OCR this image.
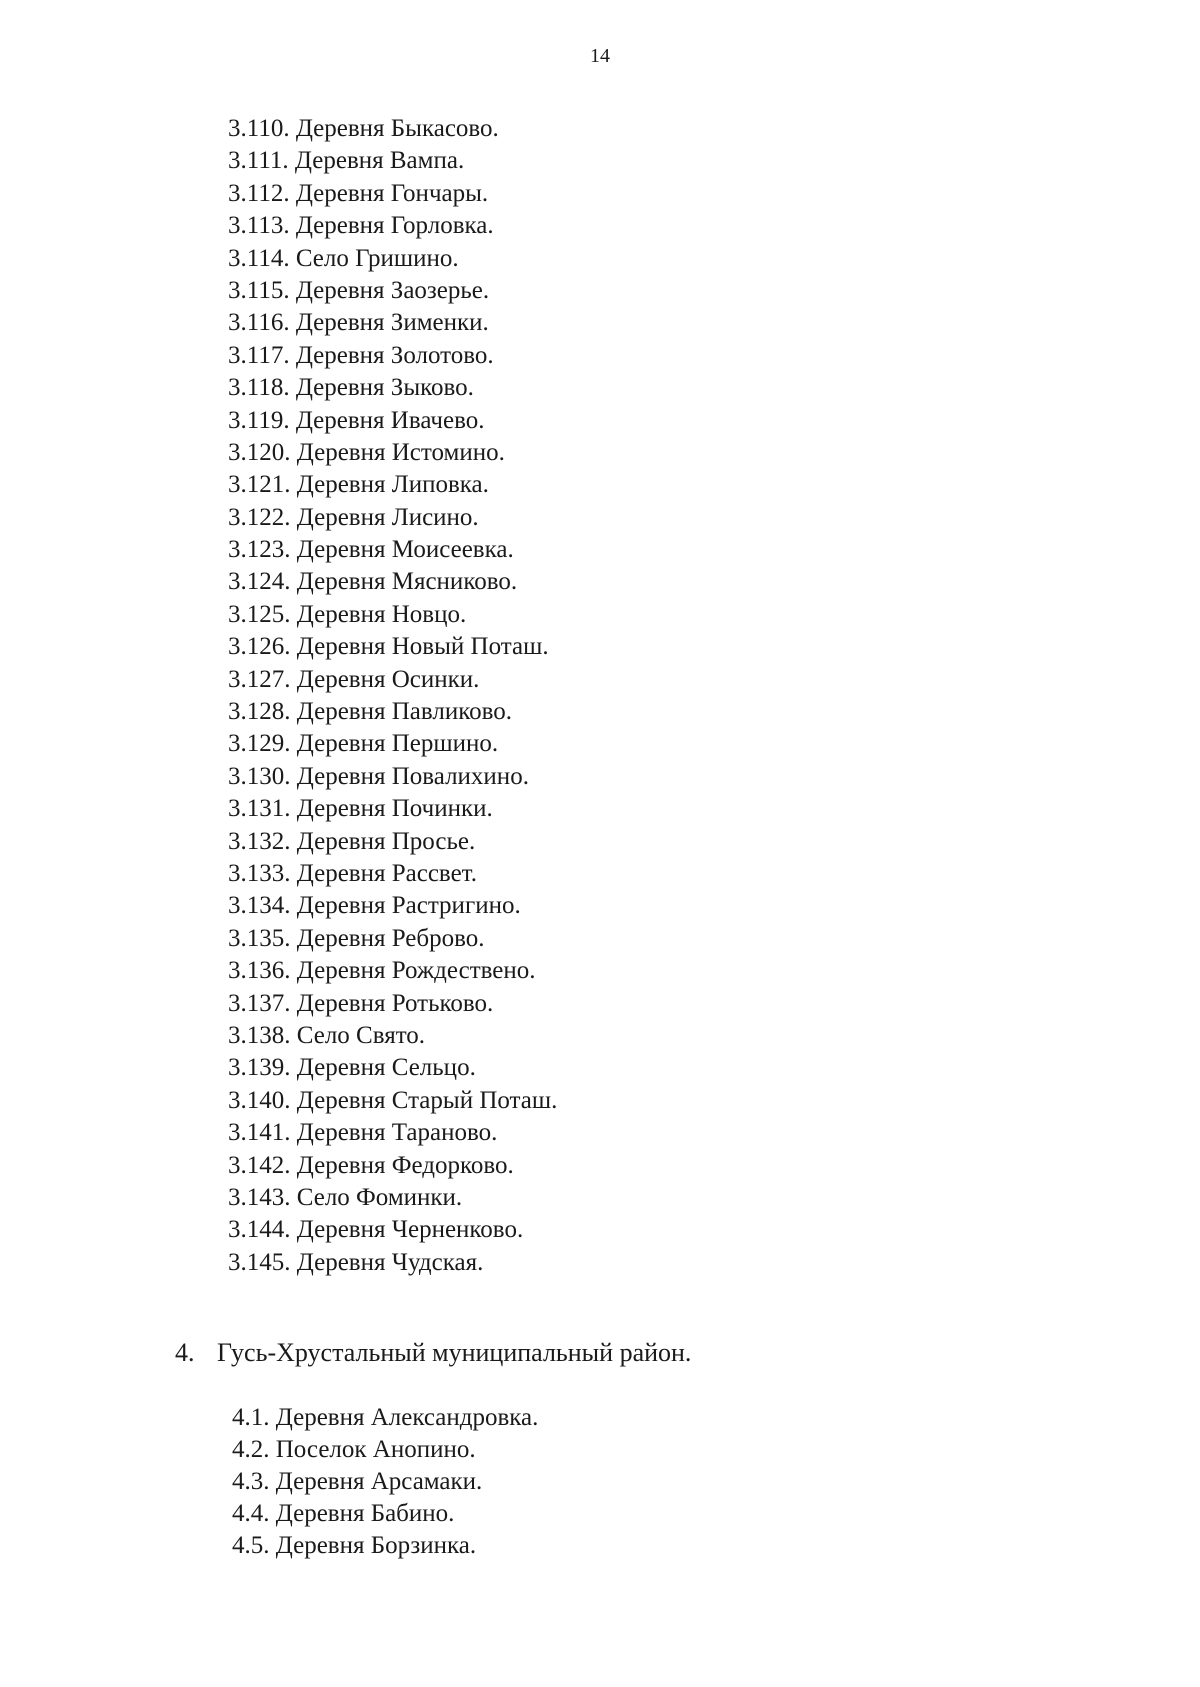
14
3.110. Деревня Быкасово.
3.111. Деревня Вампа.
3.112. Деревня Гончары.
3.113. Деревня Горловка.
3.114. Село Гришино.
3.115. Деревня Заозерье.
3.116. Деревня Зименки.
3.117. Деревня Золотово.
3.118. Деревня Зыково.
3.119. Деревня Ивачево.
3.120. Деревня Истомино.
3.121. Деревня Липовка.
3.122. Деревня Лисино.
3.123. Деревня Моисеевка.
3.124. Деревня Мясниково.
3.125. Деревня Новцо.
3.126. Деревня Новый Поташ.
3.127. Деревня Осинки.
3.128. Деревня Павликово.
3.129. Деревня Першино.
3.130. Деревня Повалихино.
3.131. Деревня Починки.
3.132. Деревня Просье.
3.133. Деревня Рассвет.
3.134. Деревня Растригино.
3.135. Деревня Реброво.
3.136. Деревня Рождествено.
3.137. Деревня Ротьково.
3.138. Село Свято.
3.139. Деревня Сельцо.
3.140. Деревня Старый Поташ.
3.141. Деревня Тараново.
3.142. Деревня Федорково.
3.143. Село Фоминки.
3.144. Деревня Черненково.
3.145. Деревня Чудская.
4. Гусь-Хрустальный муниципальный район.
4.1. Деревня Александровка.
4.2. Поселок Анопино.
4.3. Деревня Арсамаки.
4.4. Деревня Бабино.
4.5. Деревня Борзинка.
